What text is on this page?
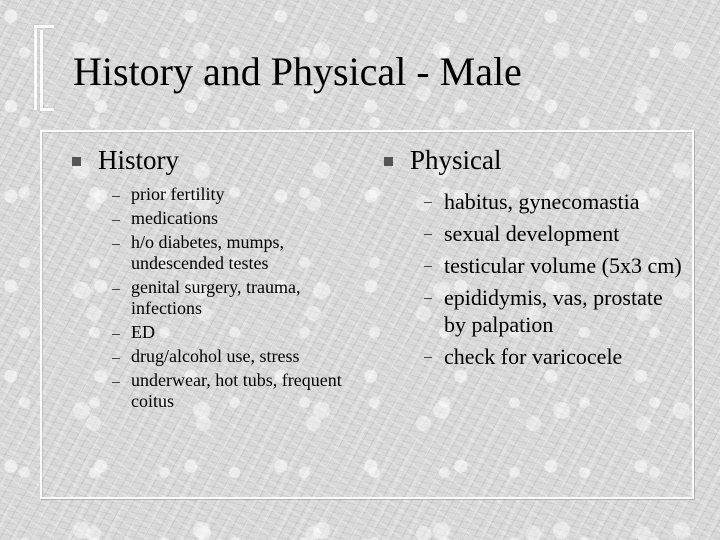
History and Physical - Male
History
prior fertility
medications
h/o diabetes, mumps, undescended testes
genital surgery, trauma, infections
ED
drug/alcohol use, stress
underwear, hot tubs, frequent coitus
Physical
habitus, gynecomastia
sexual development
testicular volume (5x3 cm)
epididymis, vas, prostate by palpation
check for varicocele
